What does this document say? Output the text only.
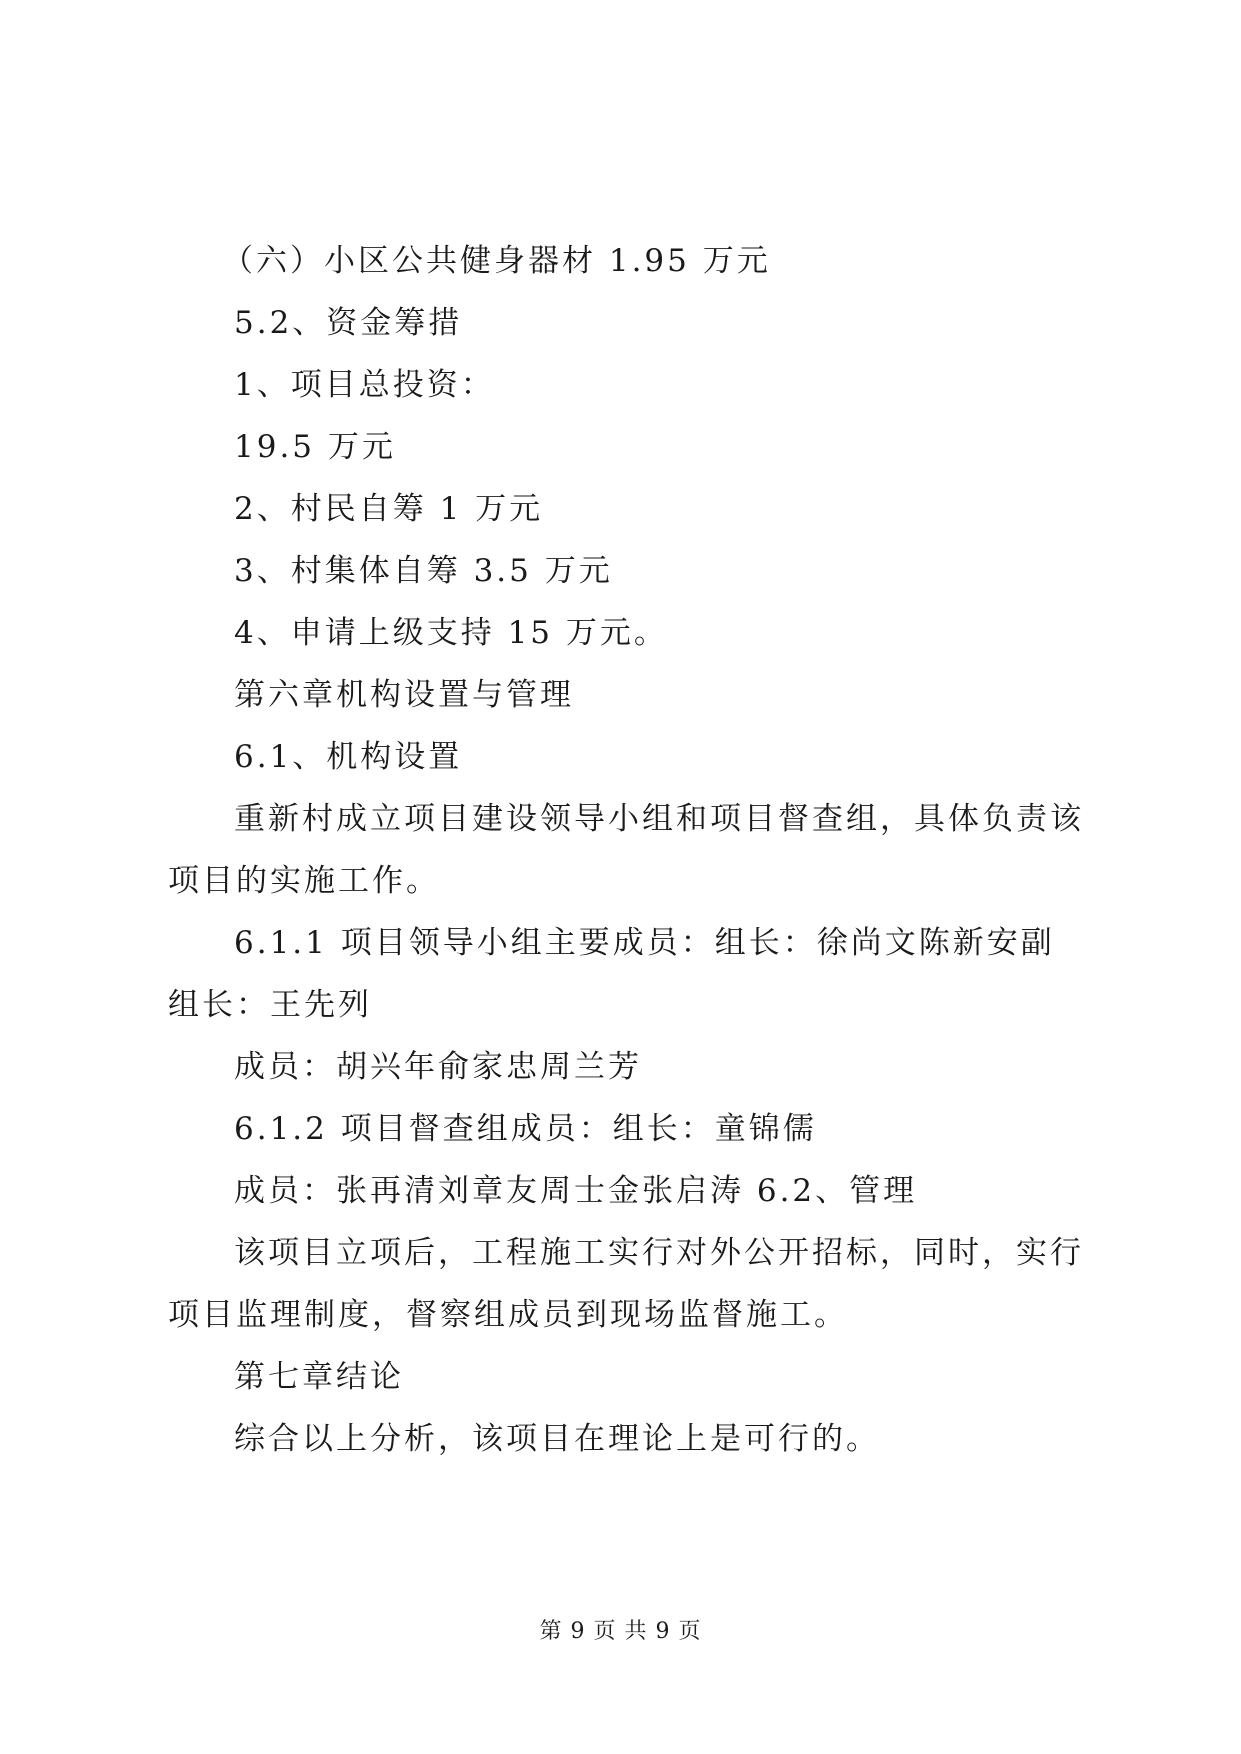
（六）小区公共健身器材 1.95 万元

5.2、资金筹措

1、项目总投资：

19.5 万元

2、村民自筹 1 万元

3、村集体自筹 3.5 万元

4、申请上级支持 15 万元。

第六章机构设置与管理

6.1、机构设置

重新村成立项目建设领导小组和项目督查组，具体负责该项目的实施工作。

6.1.1 项目领导小组主要成员：组长：徐尚文陈新安副组长：王先列

成员：胡兴年俞家忠周兰芳

6.1.2 项目督查组成员：组长：童锦儒

成员：张再清刘章友周士金张启涛 6.2、管理

该项目立项后，工程施工实行对外公开招标，同时，实行项目监理制度，督察组成员到现场监督施工。

第七章结论

综合以上分析，该项目在理论上是可行的。

第 9 页 共 9 页
